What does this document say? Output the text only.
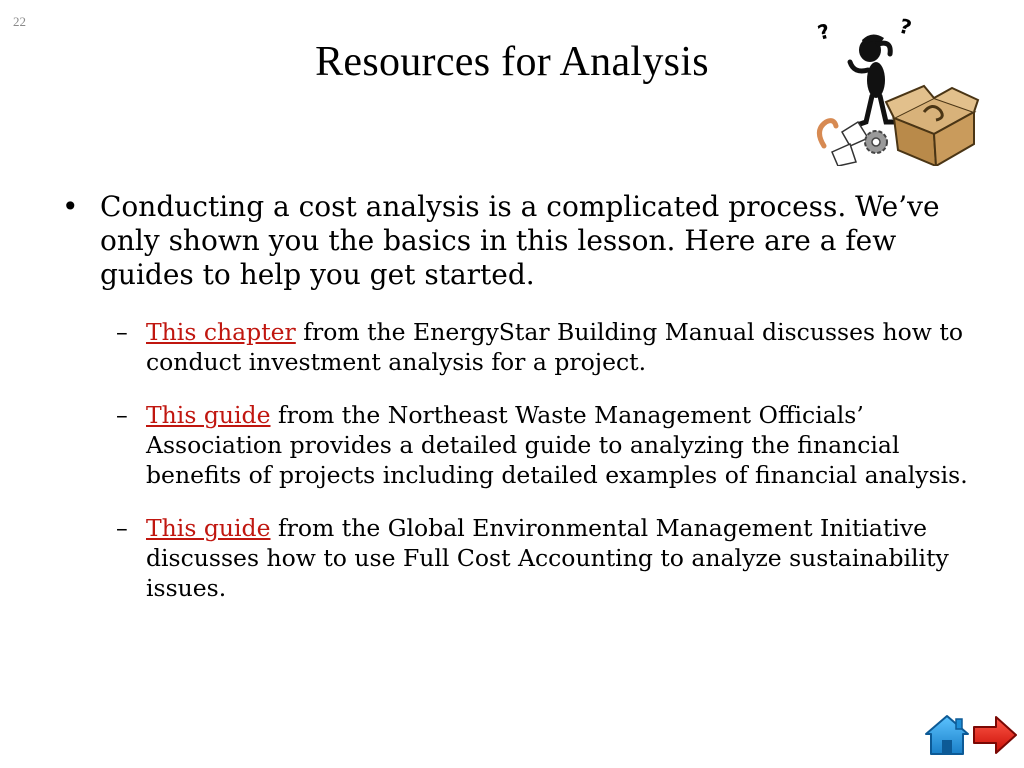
22
Resources for Analysis
?	?
• Conducting a cost analysis is a complicated process. We’ve only shown you the basics in this lesson. Here are a few guides to help you get started.
– This chapter from the EnergyStar Building Manual discusses how to conduct investment analysis for a project.
– This guide from the Northeast Waste Management Officials’ Association provides a detailed guide to analyzing the financial benefits of projects including detailed examples of financial analysis.
– This guide from the Global Environmental Management Initiative discusses how to use Full Cost Accounting to analyze sustainability issues.
